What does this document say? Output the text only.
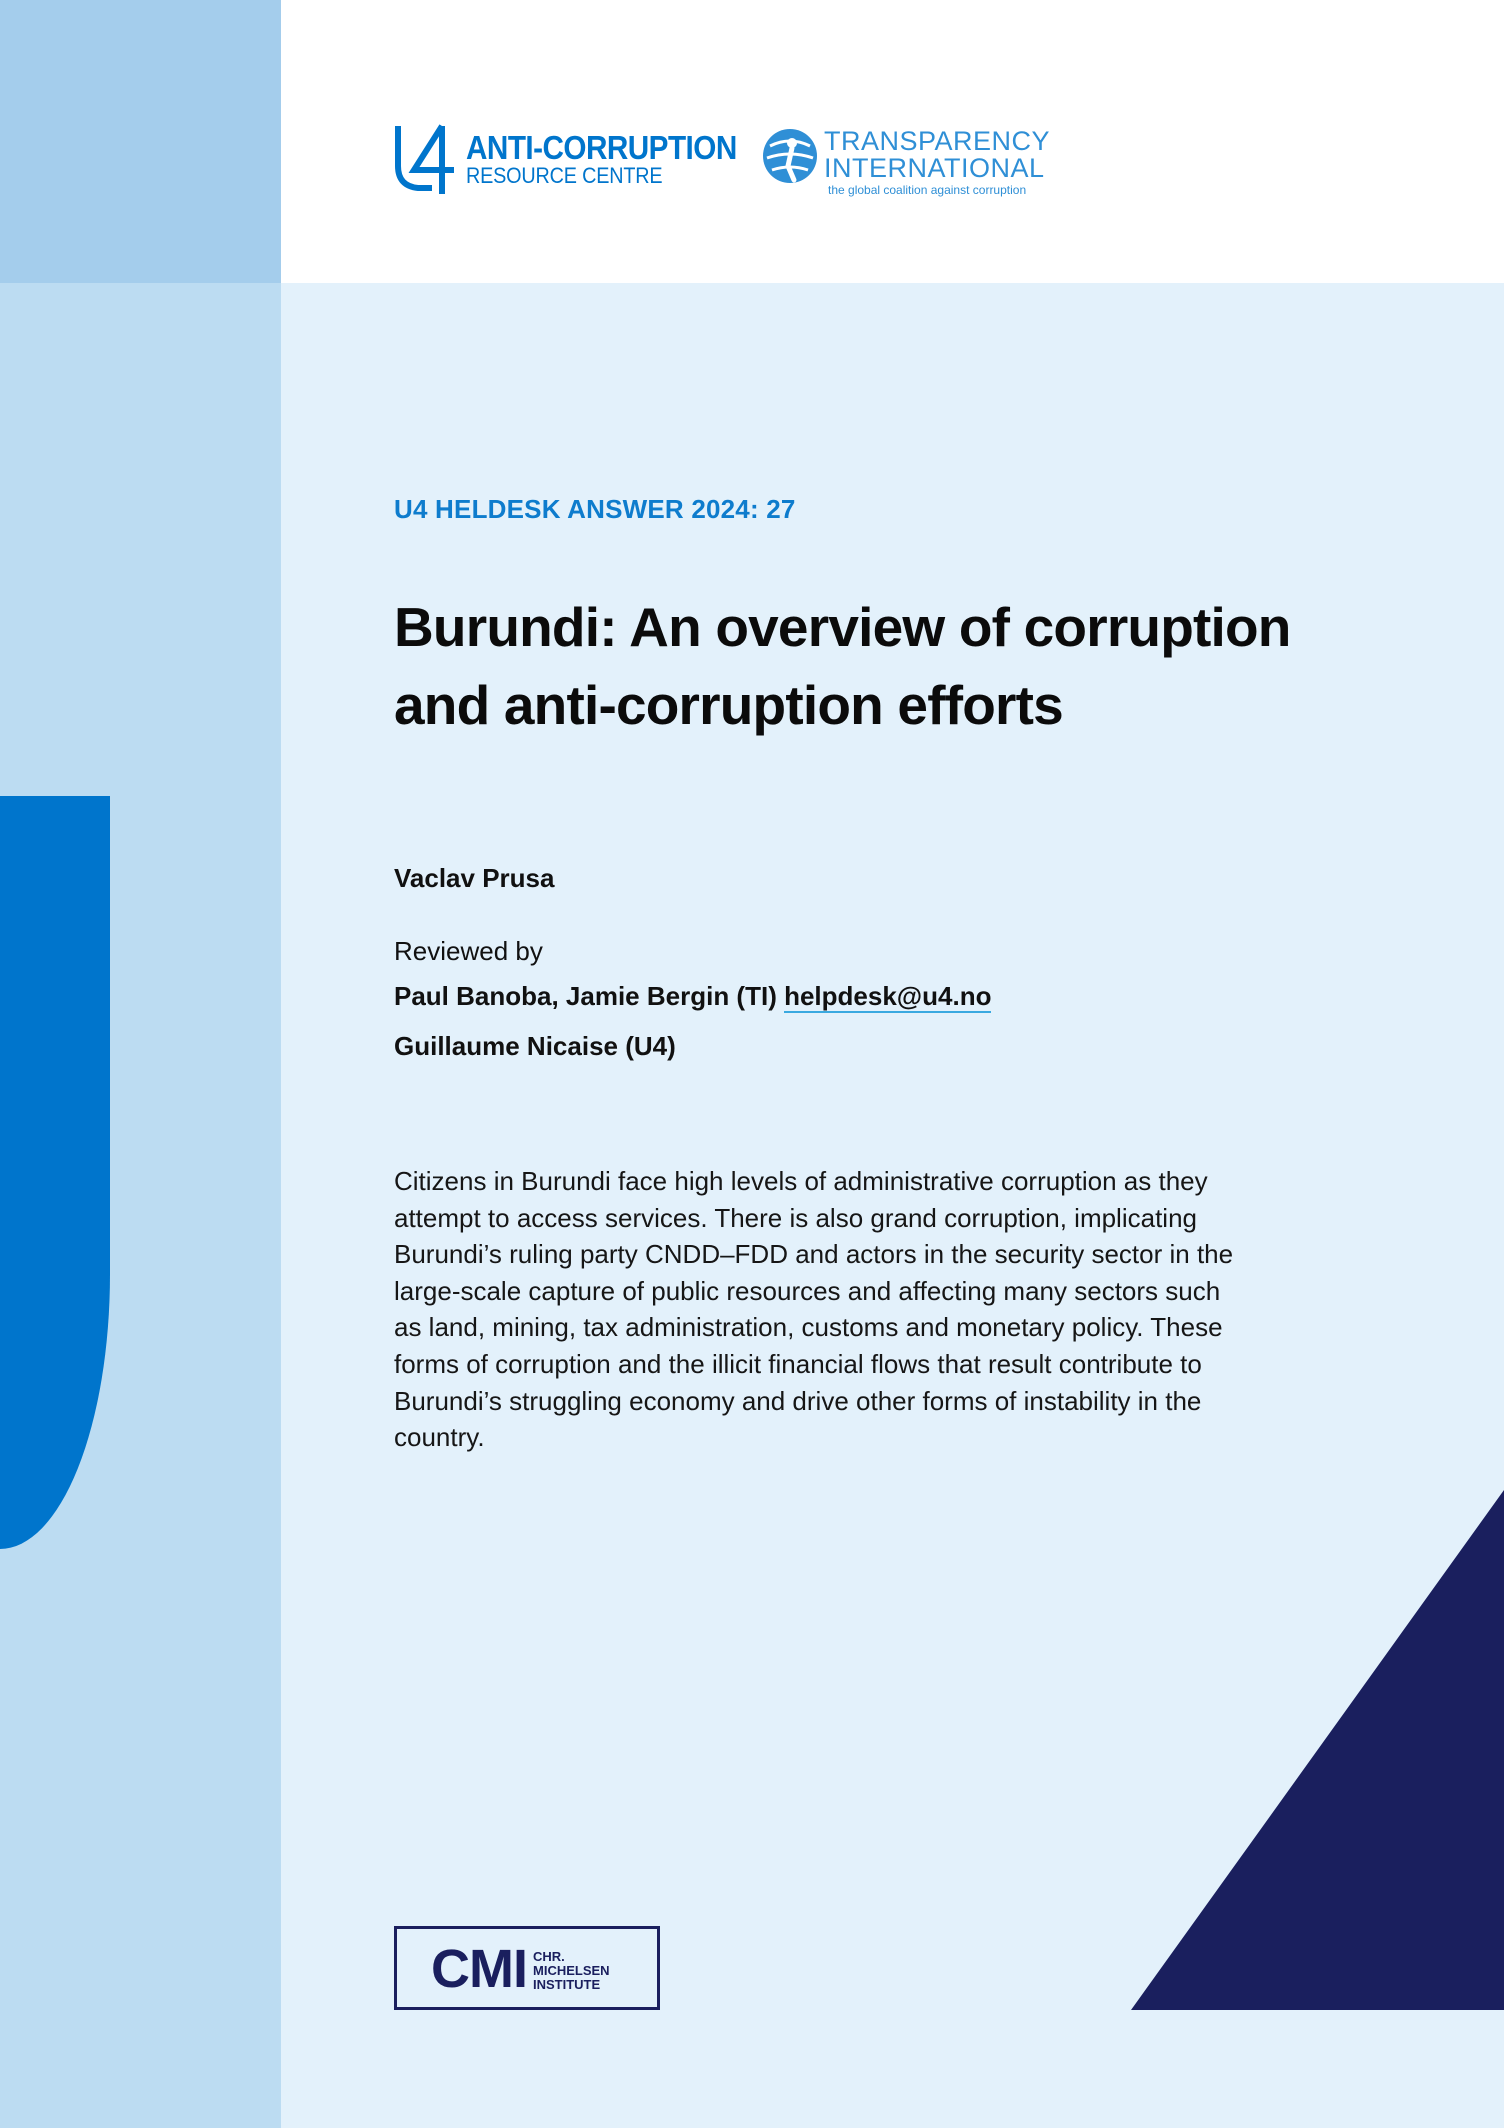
ANTI-CORRUPTION
RESOURCE CENTRE
TRANSPARENCY
INTERNATIONAL
the global coalition against corruption
U4 HELDESK ANSWER 2024: 27
Burundi: An overview of corruption
and anti-corruption efforts
Vaclav Prusa
Reviewed by
Paul Banoba, Jamie Bergin (TI) helpdesk@u4.no
Guillaume Nicaise (U4)
Citizens in Burundi face high levels of administrative corruption as they attempt to access services. There is also grand corruption, implicating Burundi’s ruling party CNDD–FDD and actors in the security sector in the large-scale capture of public resources and affecting many sectors such as land, mining, tax administration, customs and monetary policy. These forms of corruption and the illicit financial flows that result contribute to Burundi’s struggling economy and drive other forms of instability in the country.
CMI CHR.
MICHELSEN
INSTITUTE
